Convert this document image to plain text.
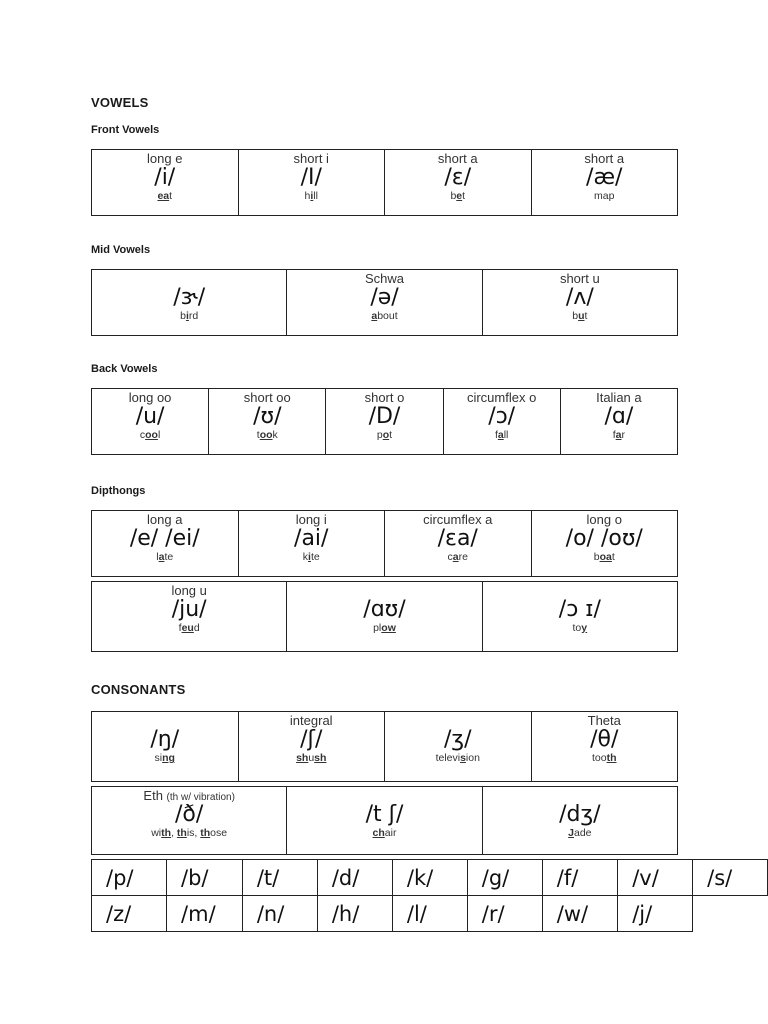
VOWELS
Front Vowels
long e
/i/
eat

short i
/I/
hill

short a
/ε/
bet

short a
/æ/
map
Mid Vowels
/ɝ/
bird

Schwa
/ə/
about

short u
/ʌ/
but
Back Vowels
long oo
/u/
cool

short oo
/ʊ/
took

short o
/D/
pot

circumflex o
/ɔ/
fall

Italian a
/ɑ/
far
Dipthongs
long a
/e/ /ei/
late

long i
/ai/
kite

circumflex a
/εa/
care

long o
/o/ /oʊ/
boat
long u
/ju/
feud

/ɑʊ/
plow

/ɔ ɪ/
toy
CONSONANTS
/ŋ/
sing

integral
/ʃ/
shush

/ʒ/
television

Theta
/θ/
tooth
Eth (th w/ vibration)
/ð/
with, this, those

/t ʃ/
chair

/dʒ/
Jade
/p/	/b/	/t/	/d/	/k/	/g/	/f/	/v/	/s/
/z/	/m/	/n/	/h/	/l/	/r/	/w/	/j/	
